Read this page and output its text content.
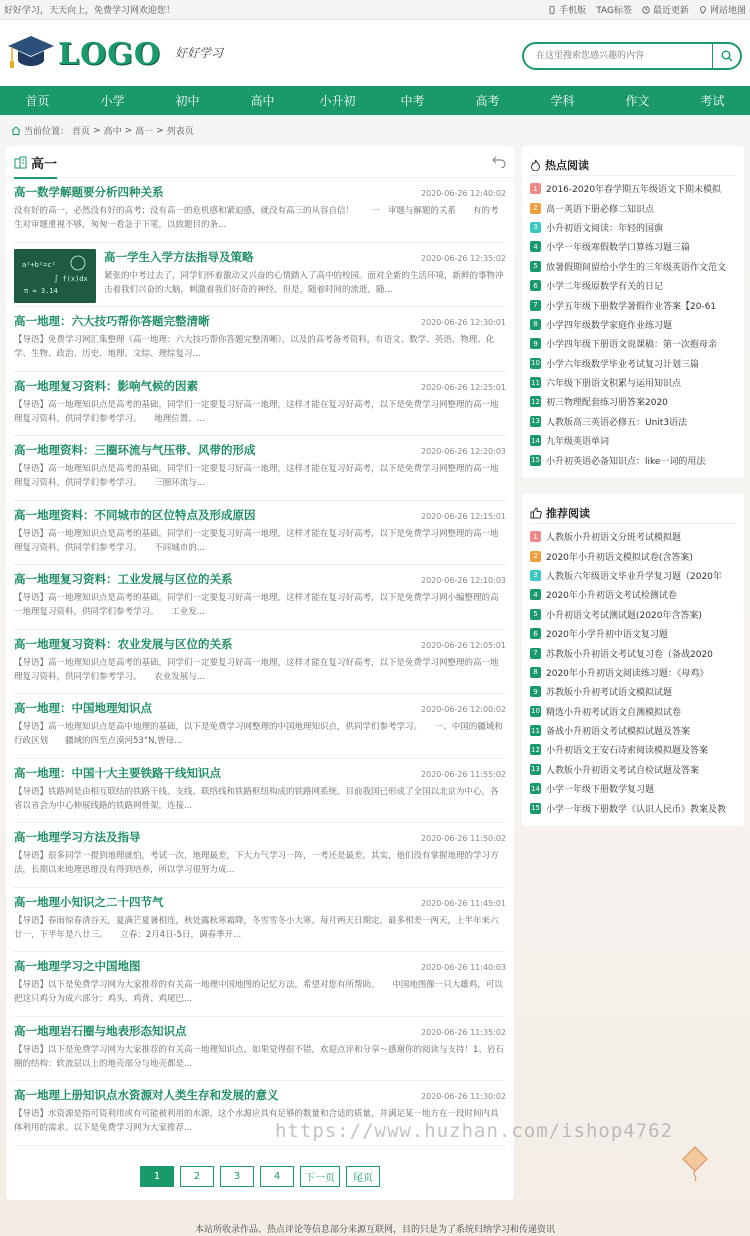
好好学习，天天向上，免费学习网欢迎您！	手机版 TAG标签 最近更新 网站地图
LOGO 好好学习
在这里搜索您感兴趣的内容
首页	小学	初中	高中	小升初	中考	高考	学科	作文	考试
当前位置： 首页 > 高中 > 高一 > 列表页
高一
高一数学解题要分析四种关系	2020-06-26 12:40:02
没有好的高一，必然没有好的高考；没有高一的危机感和紧迫感，就没有高三的从容自信！　　一　审题与解题的关系　　有的考生对审题重视不够，匆匆一看急于下笔，以致题目的条...
a²+b²=c²
∫ f(x)dx
π ≈ 3.14
高一学生入学方法指导及策略	2020-06-26 12:35:02
紧张的中考过去了，同学们怀着激动又兴奋的心情踏入了高中的校园。面对全新的生活环境，新鲜的事物冲击着我们兴奋的大脑，刺激着我们好奇的神经。但是，随着时间的流逝，随...
高一地理：六大技巧帮你答题完整清晰	2020-06-26 12:30:01
【导语】免费学习网汇集整理《高一地理：六大技巧帮你答题完整清晰》，以及的高考备考资料，有语文、数学、英语、物理、化学、生物、政治、历史、地理、文综、理综复习...
高一地理复习资料：影响气候的因素	2020-06-26 12:25:01
【导语】高一地理知识点是高考的基础，同学们一定要复习好高一地理，这样才能在复习好高考，以下是免费学习网整理的高一地理复习资料，供同学们参考学习。　　地理位置、...
高一地理资料：三圈环流与气压带、风带的形成	2020-06-26 12:20:03
【导语】高一地理知识点是高考的基础，同学们一定要复习好高一地理，这样才能在复习好高考，以下是免费学习网整理的高一地理复习资料，供同学们参考学习。　　三圈环流与...
高一地理资料：不同城市的区位特点及形成原因	2020-06-26 12:15:01
【导语】高一地理知识点是高考的基础，同学们一定要复习好高一地理，这样才能在复习好高考，以下是免费学习网整理的高一地理复习资料，供同学们参考学习。　　不同城市的...
高一地理复习资料：工业发展与区位的关系	2020-06-26 12:10:03
【导语】高一地理知识点是高考的基础，同学们一定要复习好高一地理，这样才能在复习好高考，以下是免费学习网小编整理的高一地理复习资料，供同学们参考学习。　　工业发...
高一地理复习资料：农业发展与区位的关系	2020-06-26 12:05:01
【导语】高一地理知识点是高考的基础，同学们一定要复习好高一地理，这样才能在复习好高考，以下是免费学习网整理的高一地理复习资料，供同学们参考学习。　　农业发展与...
高一地理：中国地理知识点	2020-06-26 12:00:02
【导语】高一地理知识点是高中地理的基础，以下是免费学习网整理的中国地理知识点，供同学们参考学习。　　一、中国的疆域和行政区划　　疆域的四至点漠河53°N,曾母...
高一地理：中国十大主要铁路干线知识点	2020-06-26 11:55:02
【导语】铁路网是由相互联结的铁路干线、支线、联络线和铁路枢纽构成的铁路网系统。目前我国已形成了全国以北京为中心，各省以省会为中心伸展线路的铁路网骨架，连接...
高一地理学习方法及指导	2020-06-26 11:50:02
【导语】很多同学一提到地理就怕，考试一次，地理最差，下大力气学习一阵，一考还是最差。其实，他们没有掌握地理的学习方法，长期以来地理思维没有得到培养，所以学习很努力成...
高一地理小知识之二十四节气	2020-06-26 11:45:01
【导语】春雨惊春清谷天，夏满芒夏暑相连，秋处露秋寒霜降，冬雪雪冬小大寒。每月两天日期定，最多相差一两天，上半年来六廿一，下半年是八廿三。　　立春：2月4日-5日，调春季开...
高一地理学习之中国地图	2020-06-26 11:40:03
【导语】以下是免费学习网为大家推荐的有关高一地理中国地图的记忆方法，希望对您有所帮助。　　中国地图像一只大雄鸡，可以把这只鸡分为成六部分：鸡头、鸡背、鸡尾巴...
高一地理岩石圈与地表形态知识点	2020-06-26 11:35:02
【导语】以下是免费学习网为大家推荐的有关高一地理知识点，如果觉得很不错，欢迎点评和分享～感谢你的阅读与支持！1、岩石圈的结构：软流层以上的地壳部分与地壳都是...
高一地理上册知识点水资源对人类生存和发展的意义	2020-06-26 11:30:02
【导语】水资源是指可资利用或有可能被利用的水源，这个水源应具有足够的数量和合适的质量，并满足某一地方在一段时间内具体利用的需求。以下是免费学习网为大家推荐...
1	2	3	4	下一页	尾页
热点阅读
1 2016-2020年春学期五年级语文下期末模拟
2 高一英语下册必修二知识点
3 小升初语文阅读：年轻的国旗
4 小学一年级寒假数学口算练习题三篇
5 放暑假期间留给小学生的三年级英语作文范文
6 小学二年级原数学有关的日记
7 小学五年级下册数学暑假作业答案【20-61
8 小学四年级数学家庭作业练习题
9 小学四年级下册语文说课稿：第一次抱母亲
10 小学六年级数学毕业考试复习计划三篇
11 六年级下册语文积累与运用知识点
12 初三物理配套练习册答案2020
13 人教版高三英语必修五：Unit3语法
14 九年级英语单词
15 小升初英语必备知识点：like一词的用法
推荐阅读
1 人教版小升初语文分班考试模拟题
2 2020年小升初语文模拟试卷(含答案)
3 人教版六年级语文毕业升学复习题（2020年
4 2020年小升初语文考试检测试卷
5 小升初语文考试测试题(2020年含答案)
6 2020年小学升初中语文复习题
7 苏教版小升初语文考试复习卷（备战2020
8 2020年小升初语文阅读练习题：《母鸡》
9 苏教版小升初考试语文模拟试题
10 精选小升初考试语文自测模拟试卷
11 备战小升初语文考试模拟试题及答案
12 小升初语文王安石诗索阅读模拟题及答案
13 人教版小升初语文考试自检试题及答案
14 小学一年级下册数学复习题
15 小学一年级下册数学《认识人民币》教案及教
https://www.huzhan.com/ishop4762
本站所收录作品、热点评论等信息部分来源互联网，目的只是为了系统归纳学习和传递资讯
